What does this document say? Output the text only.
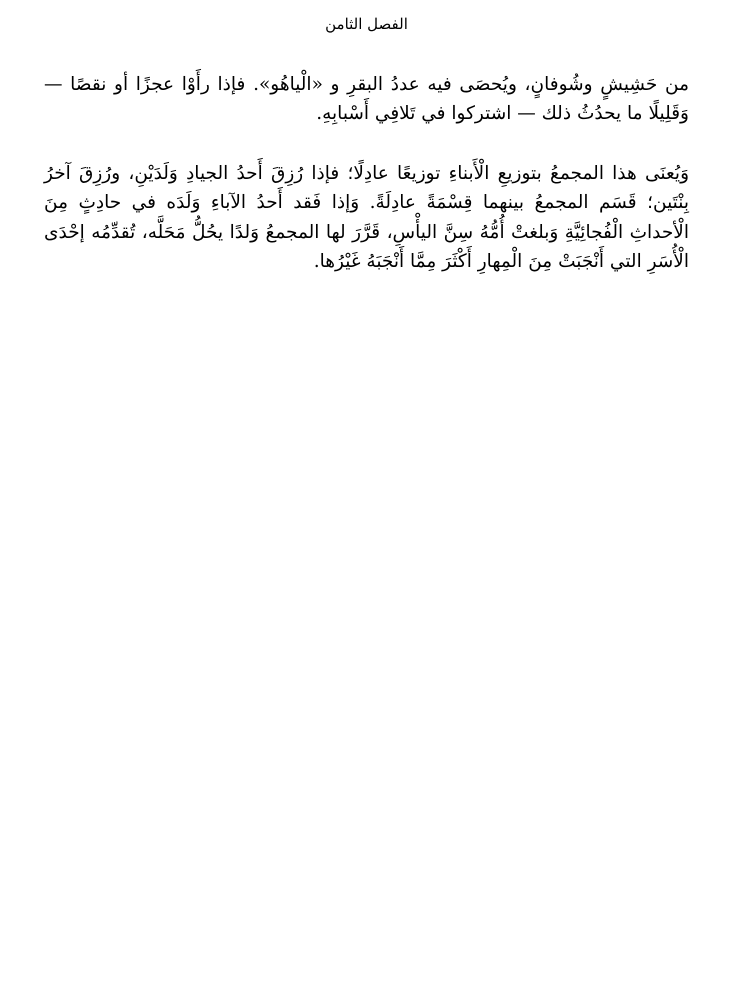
الفصل الثامن

من حَشِيشٍ وشُوفانٍ، ويُحصَى فيه عددُ البقرِ و «الْياهُو». فإذا رأَوْا عجزًا أو نقصًا — وَقَلِيلًا ما يحدُثُ ذلك — اشتركوا في تَلافِي أَسْبابِهِ.

وَيُعنَى هذا المجمعُ بتوزيعِ الْأَبناءِ توزيعًا عادِلًا؛ فإذا رُزِقَ أَحدُ الجيادِ وَلَدَيْنِ، ورُزِقَ آخرُ بِنْتَين؛ قَسَم المجمعُ بينهما قِسْمَةً عادِلَةً. وَإذا فَقد أَحدُ الآباءِ وَلَدَه في حادِثٍ مِنَ الْأحداثِ الْفُجائِيَّةِ وَبلغتْ أُمُّهُ سِنَّ اليأْسِ، قَرَّرَ لها المجمعُ وَلدًا يحُلُّ مَحَلَّه، تُقدِّمُه إحْدَى الْأُسَرِ التي أَنْجَبَتْ مِنَ الْمِهارِ أَكْثَرَ مِمَّا أَنْجَبَهُ غَيْرُها.
